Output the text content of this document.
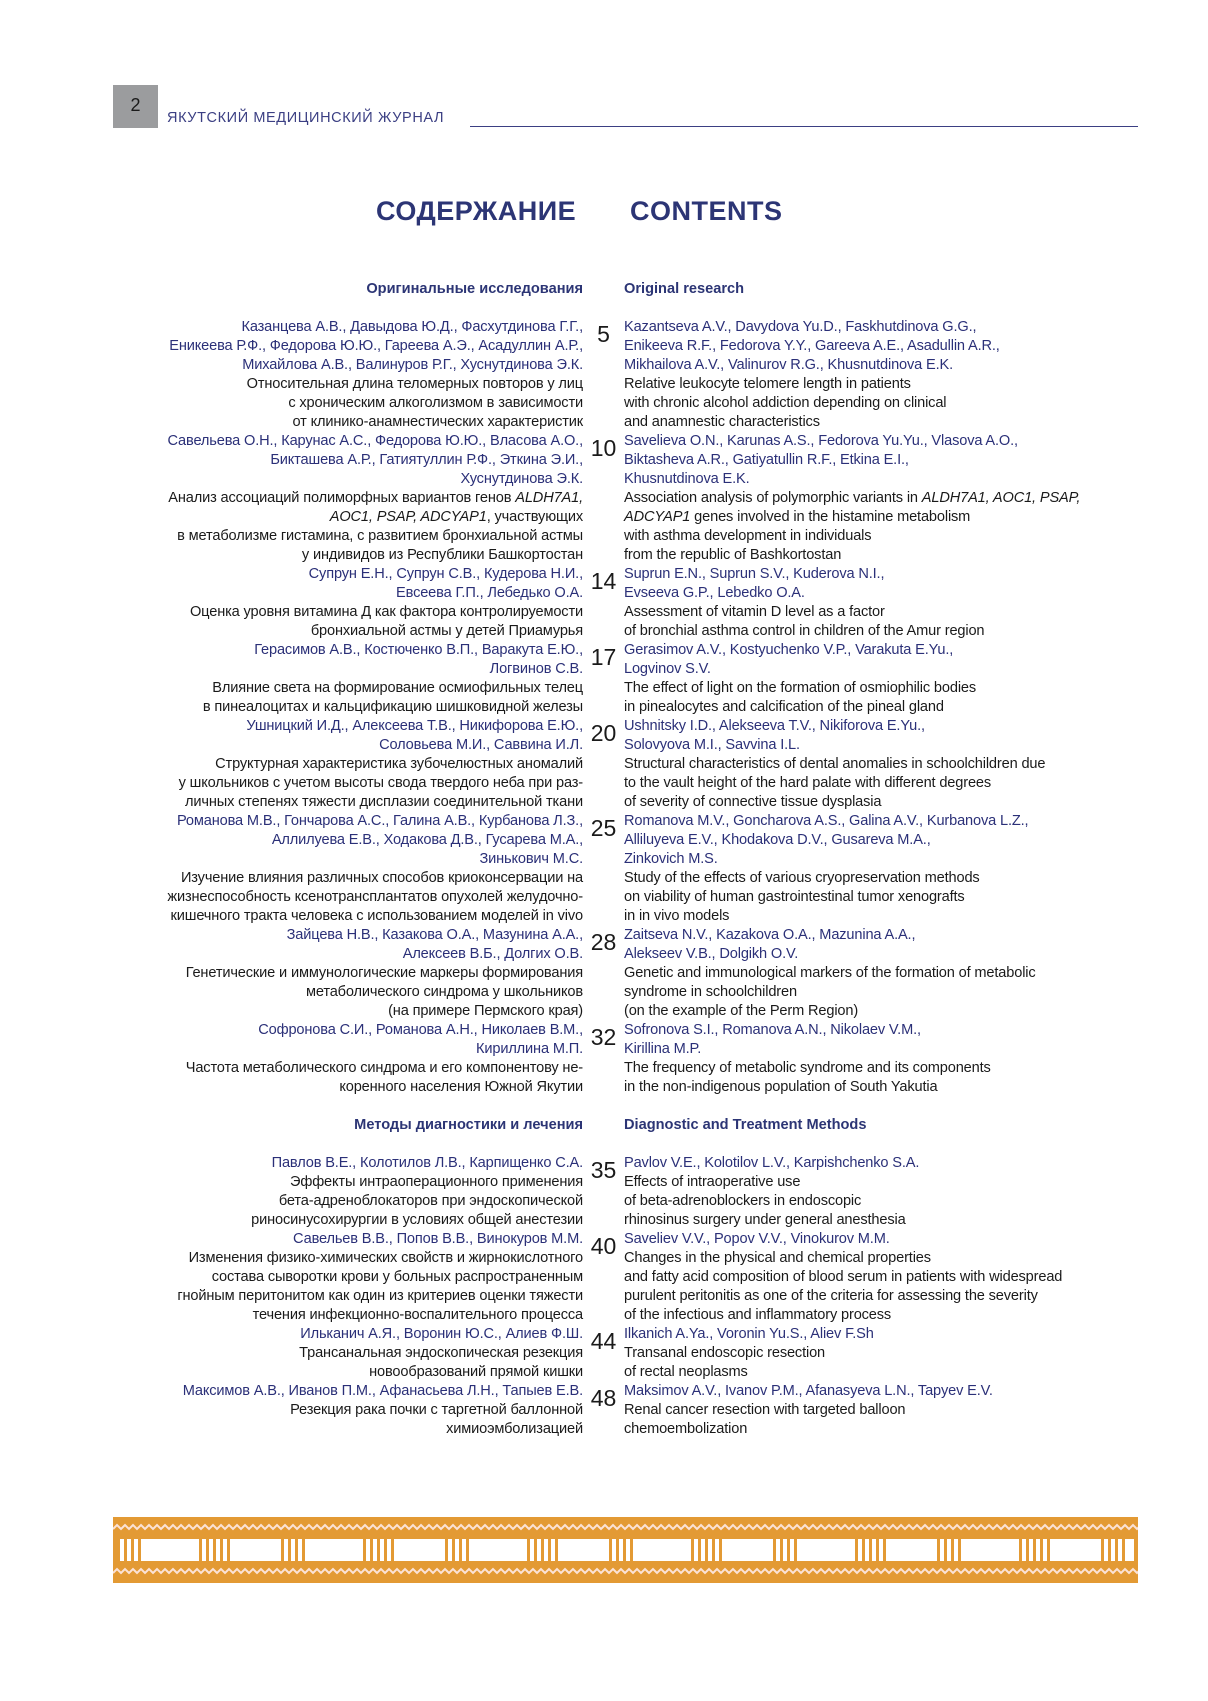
2
ЯКУТСКИЙ МЕДИЦИНСКИЙ ЖУРНАЛ
СОДЕРЖАНИЕ CONTENTS
Оригинальные исследования	Original research
Казанцева А.В., Давыдова Ю.Д., Фасхутдинова Г.Г.,
Еникеева Р.Ф., Федорова Ю.Ю., Гареева А.Э., Асадуллин А.Р.,
Михайлова А.В., Валинуров Р.Г., Хуснутдинова Э.К.
Относительная длина теломерных повторов у лиц
с хроническим алкоголизмом в зависимости
от клинико-анамнестических характеристик
5 Kazantseva A.V., Davydova Yu.D., Faskhutdinova G.G.,
Enikeeva R.F., Fedorova Y.Y., Gareeva A.E., Asadullin A.R.,
Mikhailova A.V., Valinurov R.G., Khusnutdinova E.K.
Relative leukocyte telomere length in patients
with chronic alcohol addiction depending on clinical
and anamnestic characteristics
Савельева О.Н., Карунас А.С., Федорова Ю.Ю., Власова А.О.,
Бикташева А.Р., Гатиятуллин Р.Ф., Эткина Э.И.,
Хуснутдинова Э.К.
Анализ ассоциаций полиморфных вариантов генов ALDH7A1,
AOC1, PSAP, ADCYAP1, участвующих
в метаболизме гистамина, с развитием бронхиальной астмы
у индивидов из Республики Башкортостан
10 Savelieva O.N., Karunas A.S., Fedorova Yu.Yu., Vlasova A.O.,
Biktasheva A.R., Gatiyatullin R.F., Etkina E.I.,
Khusnutdinova E.K.
Association analysis of polymorphic variants in ALDH7A1, AOC1, PSAP,
ADCYAP1 genes involved in the histamine metabolism
with asthma development in individuals
from the republic of Bashkortostan
Супрун Е.Н., Супрун С.В., Кудерова Н.И.,
Евсеева Г.П., Лебедько О.А.
Оценка уровня витамина Д как фактора контролируемости
бронхиальной астмы у детей Приамурья
14 Suprun E.N., Suprun S.V., Kuderova N.I.,
Evseeva G.P., Lebedko O.A.
Assessment of vitamin D level as a factor
of bronchial asthma control in children of the Amur region
Герасимов А.В., Костюченко В.П., Варакута Е.Ю.,
Логвинов С.В.
Влияние света на формирование осмиофильных телец
в пинеалоцитах и кальцификацию шишковидной железы
17 Gerasimov A.V., Kostyuchenko V.P., Varakuta E.Yu.,
Logvinov S.V.
The effect of light on the formation of osmiophilic bodies
in pinealocytes and calcification of the pineal gland
Ушницкий И.Д., Алексеева Т.В., Никифорова Е.Ю.,
Соловьева М.И., Саввина И.Л.
Структурная характеристика зубочелюстных аномалий
у школьников с учетом высоты свода твердого неба при раз-
личных степенях тяжести дисплазии соединительной ткани
20 Ushnitsky I.D., Alekseeva T.V., Nikiforova E.Yu.,
Solovyova M.I., Savvina I.L.
Structural characteristics of dental anomalies in schoolchildren due
to the vault height of the hard palate with different degrees
of severity of connective tissue dysplasia
Романова М.В., Гончарова А.С., Галина А.В., Курбанова Л.З.,
Аллилуева Е.В., Ходакова Д.В., Гусарева М.А.,
Зинькович М.С.
Изучение влияния различных способов криоконсервации на
жизнеспособность ксенотрансплантатов опухолей желудочно-
кишечного тракта человека с использованием моделей in vivo
25 Romanova M.V., Goncharova A.S., Galina A.V., Kurbanova L.Z.,
Alliluyeva E.V., Khodakova D.V., Gusareva M.A.,
Zinkovich M.S.
Study of the effects of various cryopreservation methods
on viability of human gastrointestinal tumor xenografts
in in vivo models
Зайцева Н.В., Казакова О.А., Мазунина А.А.,
Алексеев В.Б., Долгих О.В.
Генетические и иммунологические маркеры формирования
метаболического синдрома у школьников
(на примере Пермского края)
28 Zaitseva N.V., Kazakova O.A., Mazunina A.A.,
Alekseev V.B., Dolgikh O.V.
Genetic and immunological markers of the formation of metabolic
syndrome in schoolchildren
(on the example of the Perm Region)
Софронова С.И., Романова А.Н., Николаев В.М.,
Кириллина М.П.
Частота метаболического синдрома и его компонентову не-
коренного населения Южной Якутии
32 Sofronova S.I., Romanova A.N., Nikolaev V.M.,
Kirillina M.P.
The frequency of metabolic syndrome and its components
in the non-indigenous population of South Yakutia
Методы диагностики и лечения	Diagnostic and Treatment Methods
Павлов В.Е., Колотилов Л.В., Карпищенко С.А.
Эффекты интраоперационного применения
бета-адреноблокаторов при эндоскопической
риносинусохирургии в условиях общей анестезии
35 Pavlov V.E., Kolotilov L.V., Karpishchenko S.A.
Effects of intraoperative use
of beta-adrenoblockers in endoscopic
rhinosinus surgery under general anesthesia
Савельев В.В., Попов В.В., Винокуров М.М.
Изменения физико-химических свойств и жирнокислотного
состава сыворотки крови у больных распространенным
гнойным перитонитом как один из критериев оценки тяжести
течения инфекционно-воспалительного процесса
40 Saveliev V.V., Popov V.V., Vinokurov M.M.
Changes in the physical and chemical properties
and fatty acid composition of blood serum in patients with widespread
purulent peritonitis as one of the criteria for assessing the severity
of the infectious and inflammatory process
Ильканич А.Я., Воронин Ю.С., Алиев Ф.Ш.
Трансанальная эндоскопическая резекция
новообразований прямой кишки
44 Ilkanich A.Ya., Voronin Yu.S., Aliev F.Sh
Transanal endoscopic resection
of rectal neoplasms
Максимов А.В., Иванов П.М., Афанасьева Л.Н., Тапыев Е.В.
Резекция рака почки с таргетной баллонной
химиоэмболизацией
48 Maksimov A.V., Ivanov P.M., Afanasyeva L.N., Tapyev E.V.
Renal cancer resection with targeted balloon
chemoembolization
